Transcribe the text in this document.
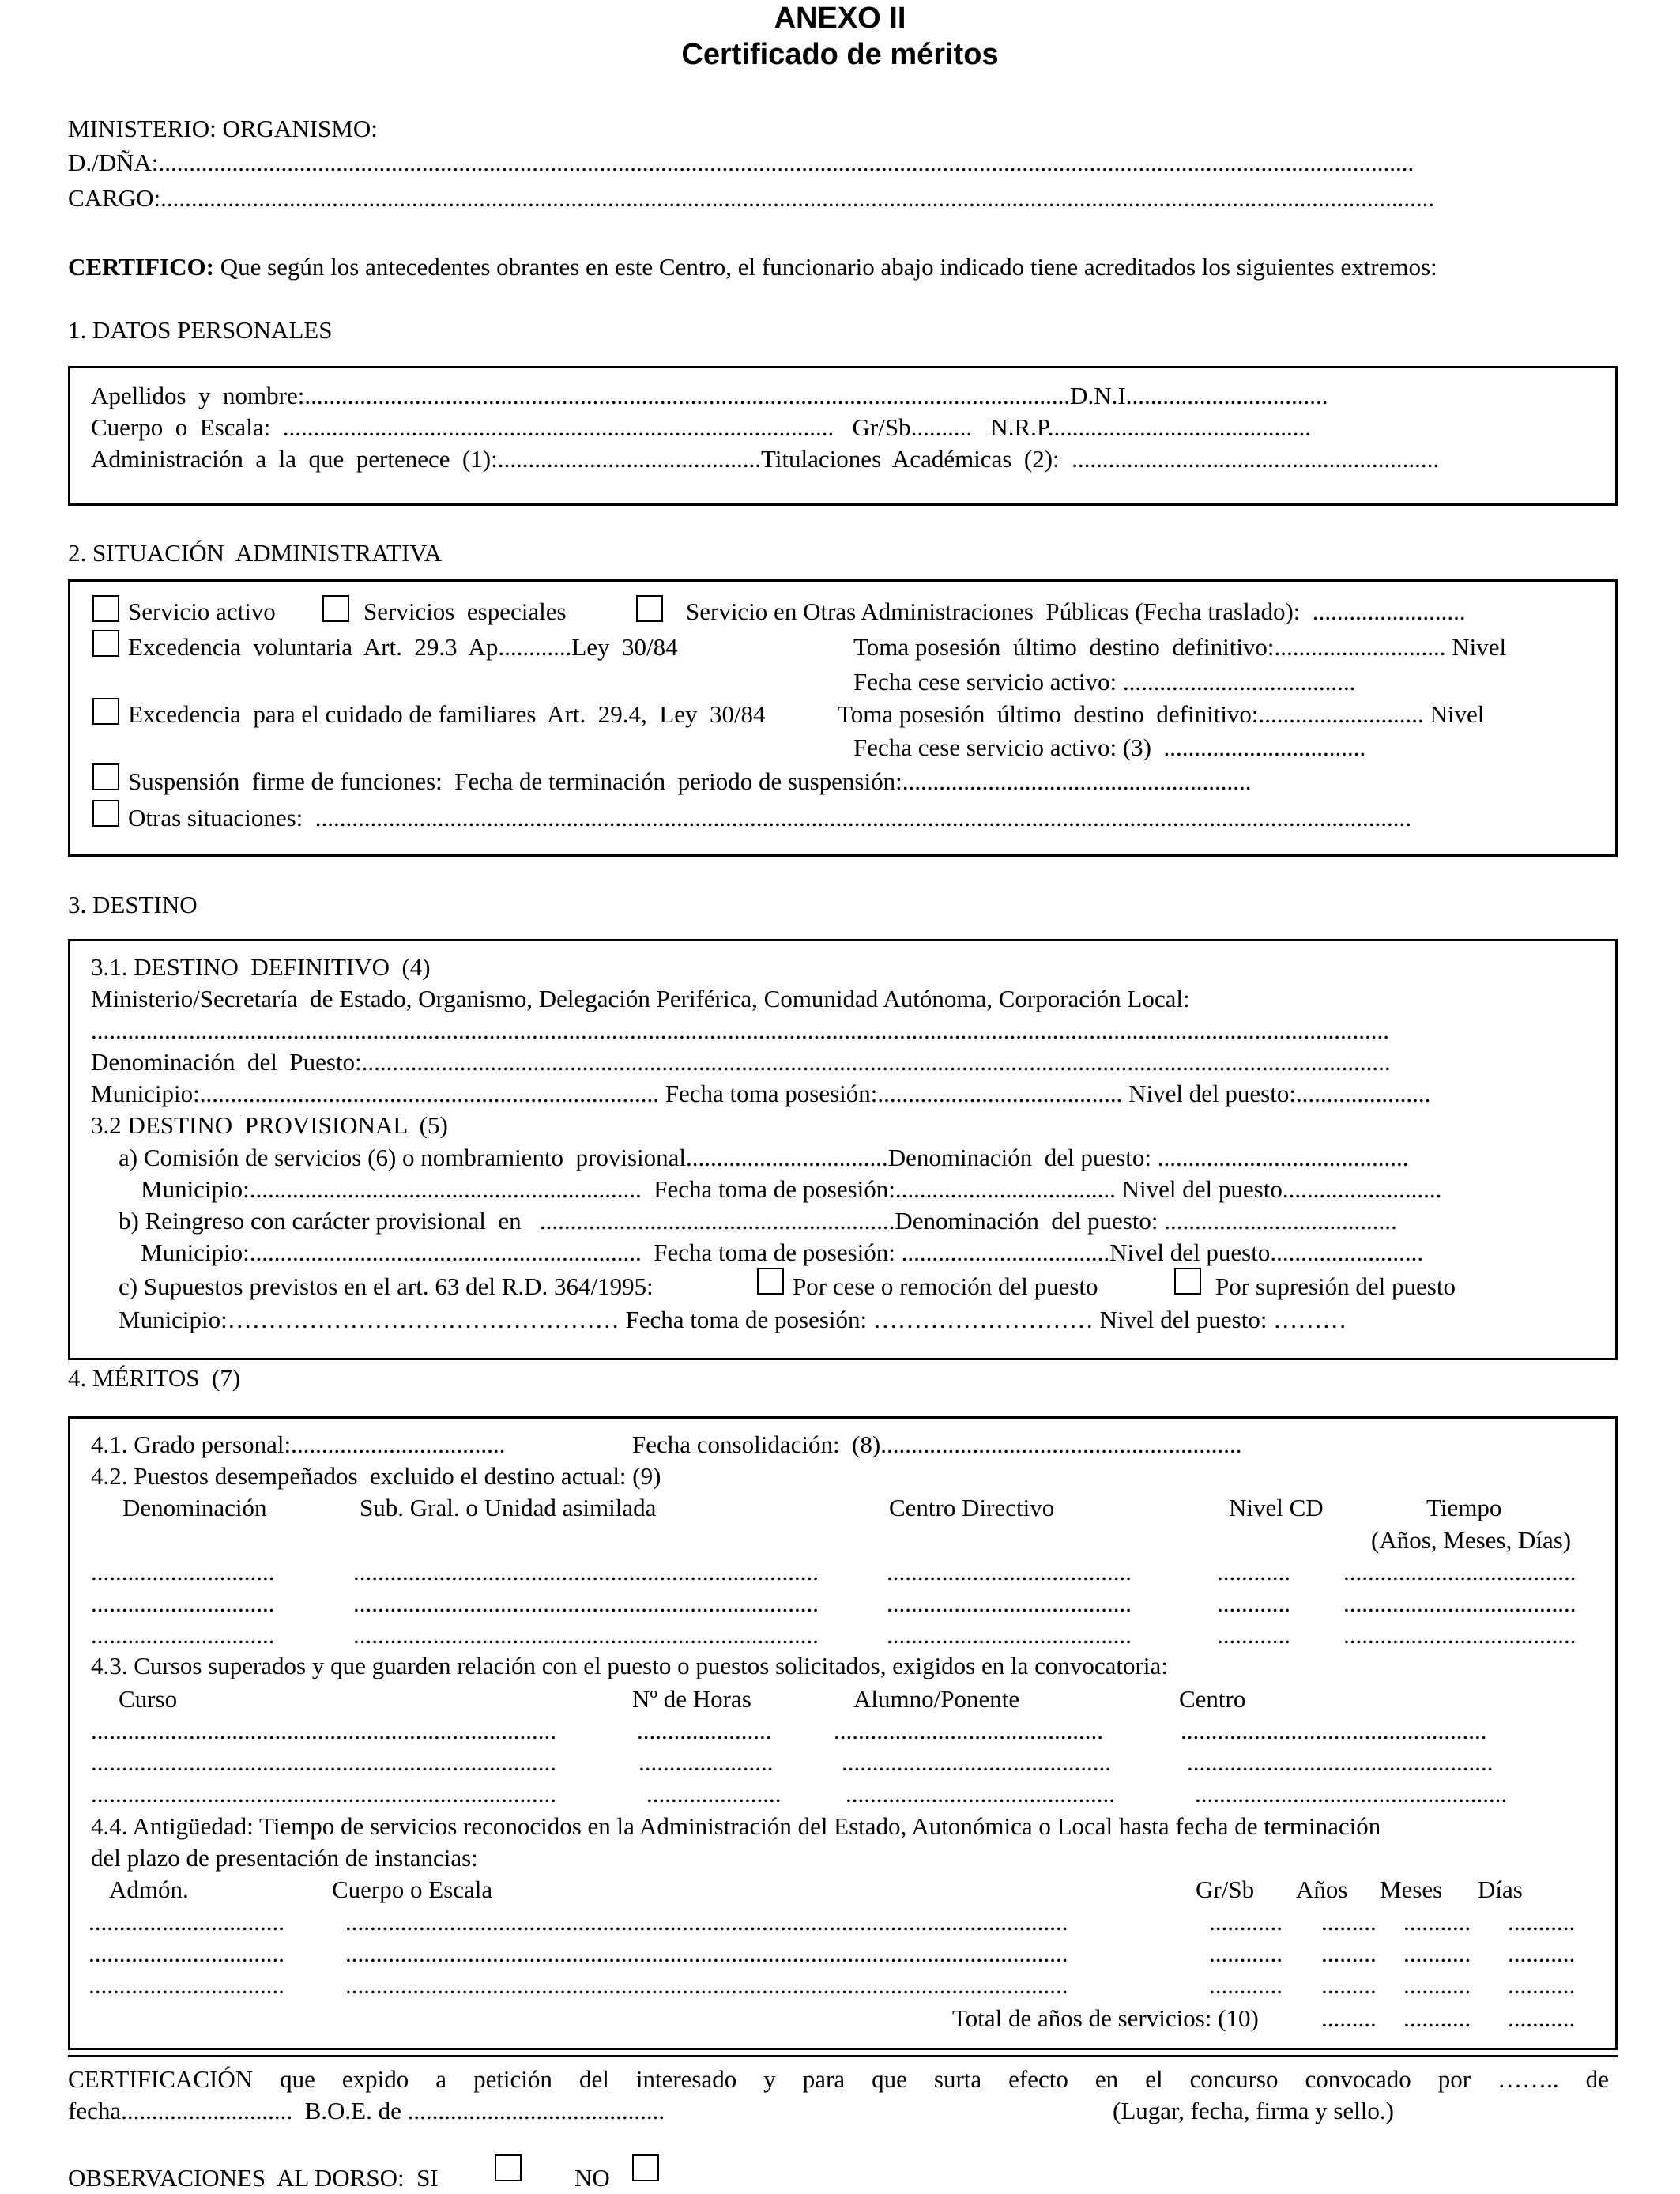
ANEXO II
Certificado de méritos
MINISTERIO: ORGANISMO:
D./DÑA:.............................................................................................................................................................................................................
CARGO:................................................................................................................................................................................................................
CERTIFICO: Que según los antecedentes obrantes en este Centro, el funcionario abajo indicado tiene acreditados los siguientes extremos:
1. DATOS PERSONALES
Apellidos  y  nombre:.............................................................................................................................D.N.I.................................
Cuerpo  o  Escala:  ..........................................................................................   Gr/Sb..........   N.R.P...........................................
Administración  a  la  que  pertenece  (1):...........................................Titulaciones  Académicas  (2):  ............................................................
2. SITUACIÓN  ADMINISTRATIVA
Servicio activo	Servicios  especiales	Servicio en Otras Administraciones  Públicas (Fecha traslado):  .........................
Excedencia  voluntaria  Art.  29.3  Ap............Ley  30/84	Toma posesión  último  destino  definitivo:............................ Nivel
Fecha cese servicio activo: ......................................
Excedencia  para el cuidado de familiares  Art.  29.4,  Ley  30/84	Toma posesión  último  destino  definitivo:........................... Nivel
Fecha cese servicio activo: (3)  .................................
Suspensión  firme de funciones:  Fecha de terminación  periodo de suspensión:.........................................................
Otras situaciones:  ...................................................................................................................................................................................
3. DESTINO
3.1. DESTINO  DEFINITIVO  (4)
Ministerio/Secretaría  de Estado, Organismo, Delegación Periférica, Comunidad Autónoma, Corporación Local:
....................................................................................................................................................................................................................
Denominación  del  Puesto:........................................................................................................................................................................
Municipio:........................................................................... Fecha toma posesión:........................................ Nivel del puesto:......................
3.2 DESTINO  PROVISIONAL  (5)
a) Comisión de servicios (6) o nombramiento  provisional.................................Denominación  del puesto: .........................................
Municipio:................................................................  Fecha toma de posesión:.................................... Nivel del puesto..........................
b) Reingreso con carácter provisional  en   ..........................................................Denominación  del puesto: ......................................
Municipio:................................................................  Fecha toma de posesión: ..................................Nivel del puesto.........................
c) Supuestos previstos en el art. 63 del R.D. 364/1995:	Por cese o remoción del puesto	Por supresión del puesto
Municipio:………………………………………… Fecha toma de posesión: ……………………… Nivel del puesto: ………
4. MÉRITOS  (7)
4.1. Grado personal:...................................	Fecha consolidación:  (8)...........................................................
4.2. Puestos desempeñados  excluido el destino actual: (9)
Denominación	Sub. Gral. o Unidad asimilada	Centro Directivo	Nivel CD	Tiempo
(Años, Meses, Días)
..............................	............................................................................	........................................	............ ......................................
..............................	............................................................................	........................................	............ ......................................
..............................	............................................................................	........................................	............ ......................................
4.3. Cursos superados y que guarden relación con el puesto o puestos solicitados, exigidos en la convocatoria:
Curso	Nº de Horas	Alumno/Ponente	Centro
............................................................................	......................	............................................	..................................................
............................................................................	......................	............................................	..................................................
............................................................................	......................	............................................	...................................................
4.4. Antigüedad: Tiempo de servicios reconocidos en la Administración del Estado, Autonómica o Local hasta fecha de terminación
del plazo de presentación de instancias:
Admón.	Cuerpo o Escala	Gr/Sb Años Meses Días
................................ ......................................................................................................................	............ ......... ........... ...........
................................ ......................................................................................................................	............ ......... ........... ...........
................................ ......................................................................................................................	............ ......... ........... ...........
Total de años de servicios: (10)	......... ........... ...........
CERTIFICACIÓN que expido a petición del interesado y para que surta efecto en el concurso convocado por …….. de
fecha............................  B.O.E. de ..........................................	(Lugar, fecha, firma y sello.)
OBSERVACIONES  AL DORSO:  SI	NO
